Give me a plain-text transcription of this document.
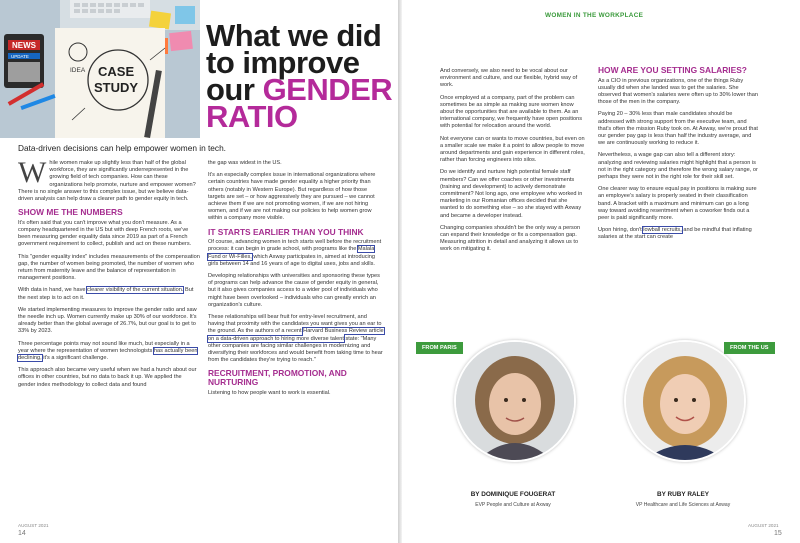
NEWS
UPDATE
IDEA CASE
STUDY
What we did
to improve
our GENDER
RATIO
Data-driven decisions can help empower women in tech.

While women make up slightly less than half of the global workforce, they are significantly underrepresented in the growing field of tech companies. How can these organizations help promote, nurture and empower women? There is no single answer to this complex issue, but we believe data-driven analysis can help draw a clearer path to gender equity in tech.

SHOW ME THE NUMBERS

It's often said that you can't improve what you don't measure. As a company headquartered in the US but with deep French roots, we've been measuring gender equality data since 2019 as part of a French government requirement to collect, publish and act on these numbers.

This "gender equality index" includes measurements of the compensation gap, the number of women being promoted, the number of women who return from maternity leave and the balance of representation in management positions.

With data in hand, we have clearer visibility of the current situation. But the next step is to act on it.

We started implementing measures to improve the gender ratio and saw the needle inch up. Women currently make up 30% of our workforce. It's already better than the global average of 26.7%, but our goal is to get to 33% by 2023.

Three percentage points may not sound like much, but especially in a year where the representation of women technologists has actually been declining, it's a significant challenge.

This approach also became very useful when we had a hunch about our offices in other countries, but no data to back it up. We applied the gender index methodology to collect data and found

the gap was widest in the US.

It's an especially complex issue in international organizations where certain countries have made gender equality a higher priority than others (notably in Western Europe). But regardless of how those targets are set – or how aggressively they are pursued – we cannot achieve them if we are not promoting women, if we are not hiring women, and if we are not making our policies to help women grow within a company more visible.

IT STARTS EARLIER THAN YOU THINK

Of course, advancing women in tech starts well before the recruitment process: it can begin in grade school, with programs like the Malala Fund or Wi-Filles, which Axway participates in, aimed at introducing girls between 14 and 16 years of age to digital uses, jobs and skills.

Developing relationships with universities and sponsoring these types of programs can help advance the cause of gender equity in general, but it also gives companies access to a wider pool of individuals who might have been overlooked – individuals who can greatly enrich an organization's culture.

These relationships will bear fruit for entry-level recruitment, and having that proximity with the candidates you want gives you an ear to the ground. As the authors of a recent Harvard Business Review article on a data-driven approach to hiring more diverse talent state: "Many other companies are facing similar challenges in modernizing and diversifying their workforces and would benefit from taking time to hear from the candidates they're trying to reach."

RECRUITMENT, PROMOTION, AND NURTURING

Listening to how people want to work is essential.

AUGUST 2021
14
WOMEN IN THE WORKPLACE

And conversely, we also need to be vocal about our environment and culture, and our flexible, hybrid way of work.

Once employed at a company, part of the problem can sometimes be as simple as making sure women know about the opportunities that are available to them. As an international company, we frequently have open positions with potential for relocation around the world.

Not everyone can or wants to move countries, but even on a smaller scale we make it a point to allow people to move around departments and gain experience in different roles, rather than forcing engineers into silos.

Do we identify and nurture high potential female staff members? Can we offer coaches or other investments (training and development) to actively demonstrate commitment? Not long ago, one employee who worked in marketing in our Romanian offices decided that she wanted to do something else – so she stayed with Axway and became a developer instead.

Changing companies shouldn't be the only way a person can expand their knowledge or fix a compensation gap. Measuring attrition in detail and analyzing it allows us to work on mitigating it.

HOW ARE YOU SETTING SALARIES?

As a CIO in previous organizations, one of the things Ruby usually did when she landed was to get the salaries. She observed that women's salaries were often up to 30% lower than those of the men in the company.

Paying 20 – 30% less than male candidates should be addressed with strong support from the executive team, and that's often the mission Ruby took on. At Axway, we're proud that our gender pay gap is less than half the industry average, and we are continuously working to reduce it.

Nevertheless, a wage gap can also tell a different story: analyzing and reviewing salaries might highlight that a person is not in the right category and therefore the wrong salary range, or perhaps they were not in the right role for their skill set.

One clearer way to ensure equal pay in positions is making sure an employee's salary is properly seated in their classification band. A bracket with a maximum and minimum can go a long way toward avoiding resentment when a coworker finds out a peer is paid significantly more.

Upon hiring, don't lowball recruits, and be mindful that inflating salaries at the start can create

FROM PARIS	FROM THE US
BY DOMINIQUE FOUGERAT
EVP People and Culture at Axway
BY RUBY RALEY
VP Healthcare and Life Sciences at Axway
AUGUST 2021
15
